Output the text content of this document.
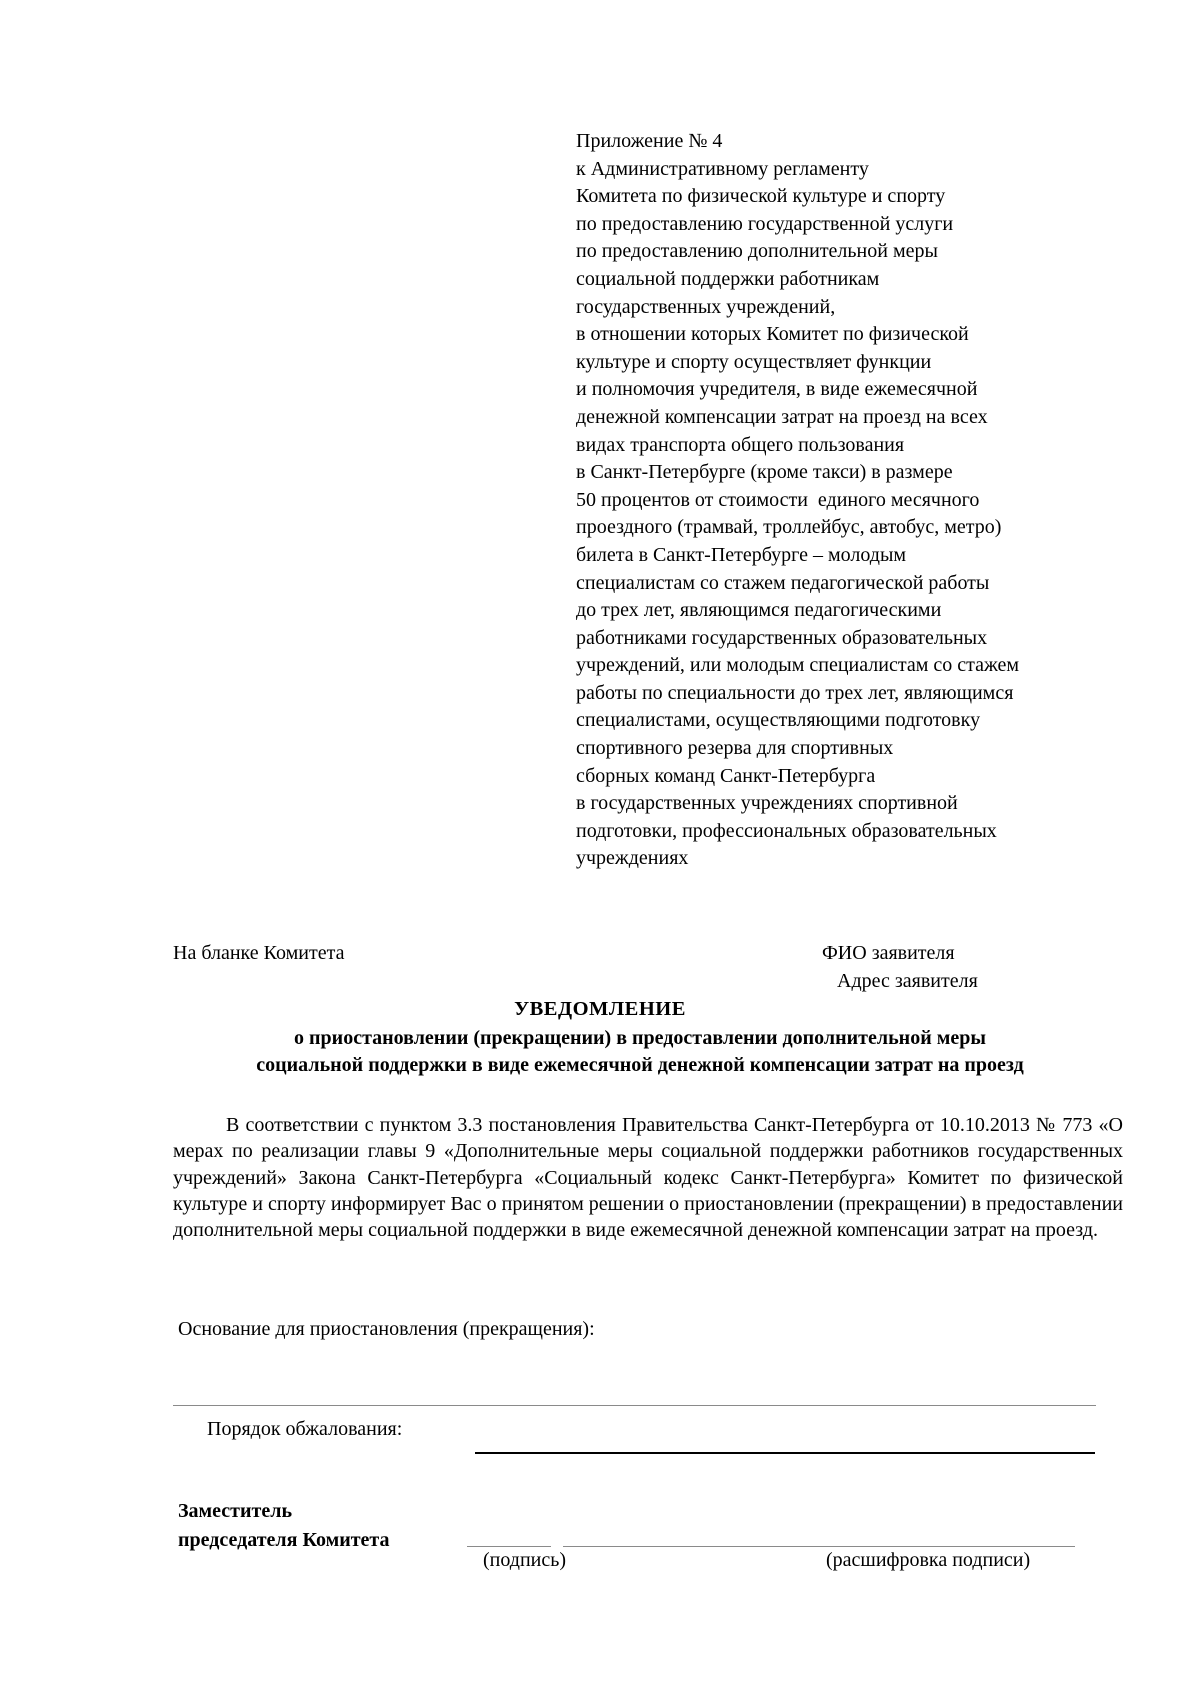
Приложение № 4
к Административному регламенту
Комитета по физической культуре и спорту
по предоставлению государственной услуги
по предоставлению дополнительной меры
социальной поддержки работникам
государственных учреждений,
в отношении которых Комитет по физической
культуре и спорту осуществляет функции
и полномочия учредителя, в виде ежемесячной
денежной компенсации затрат на проезд на всех
видах транспорта общего пользования
в Санкт-Петербурге (кроме такси) в размере
50 процентов от стоимости  единого месячного
проездного (трамвай, троллейбус, автобус, метро)
билета в Санкт-Петербурге – молодым
специалистам со стажем педагогической работы
до трех лет, являющимся педагогическими
работниками государственных образовательных
учреждений, или молодым специалистам со стажем
работы по специальности до трех лет, являющимся
специалистами, осуществляющими подготовку
спортивного резерва для спортивных
сборных команд Санкт-Петербурга
в государственных учреждениях спортивной
подготовки, профессиональных образовательных
учреждениях
На бланке Комитета	ФИО заявителя
Адрес заявителя
УВЕДОМЛЕНИЕ
о приостановлении (прекращении) в предоставлении дополнительной меры
социальной поддержки в виде ежемесячной денежной компенсации затрат на проезд
В соответствии с пунктом 3.3 постановления Правительства Санкт-Петербурга от 10.10.2013 № 773 «О мерах по реализации главы 9 «Дополнительные меры социальной поддержки работников государственных учреждений» Закона Санкт-Петербурга «Социальный кодекс Санкт-Петербурга» Комитет по физической культуре и спорту информирует Вас о принятом решении о приостановлении (прекращении) в предоставлении дополнительной меры социальной поддержки в виде ежемесячной денежной компенсации затрат на проезд.
Основание для приостановления (прекращения):
Порядок обжалования:
Заместитель
председателя Комитета
(подпись)	(расшифровка подписи)
